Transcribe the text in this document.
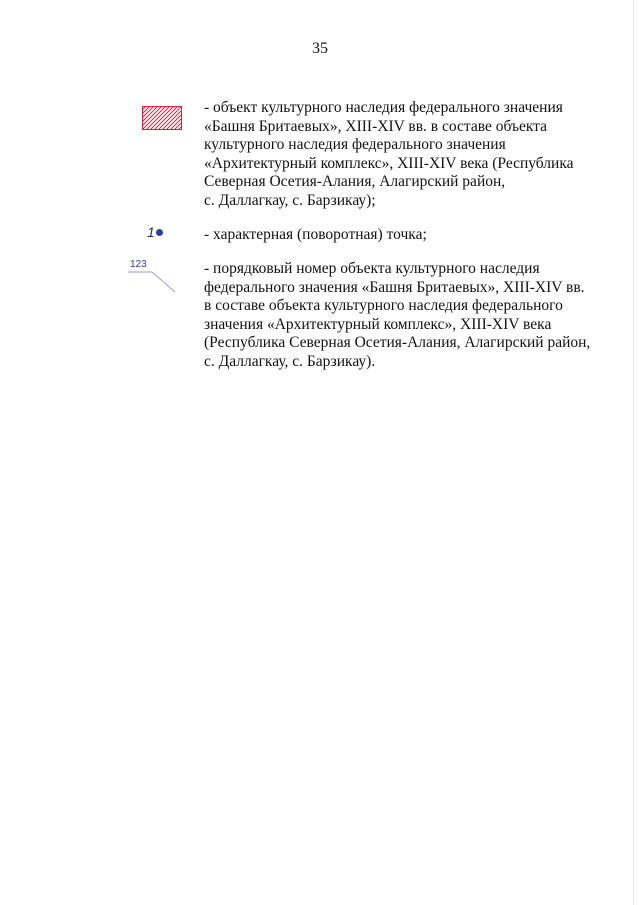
35
- объект культурного наследия федерального значения
«Башня Бритаевых», XIII-XIV вв. в составе объекта
культурного наследия федерального значения
«Архитектурный комплекс», XIII-XIV века (Республика
Северная Осетия-Алания, Алагирский район,
с. Даллагкау, с. Барзикау);
1	- характерная (поворотная) точка;
123	- порядковый номер объекта культурного наследия
федерального значения «Башня Бритаевых», XIII-XIV вв.
в составе объекта культурного наследия федерального
значения «Архитектурный комплекс», XIII-XIV века
(Республика Северная Осетия-Алания, Алагирский район,
с. Даллагкау, с. Барзикау).
